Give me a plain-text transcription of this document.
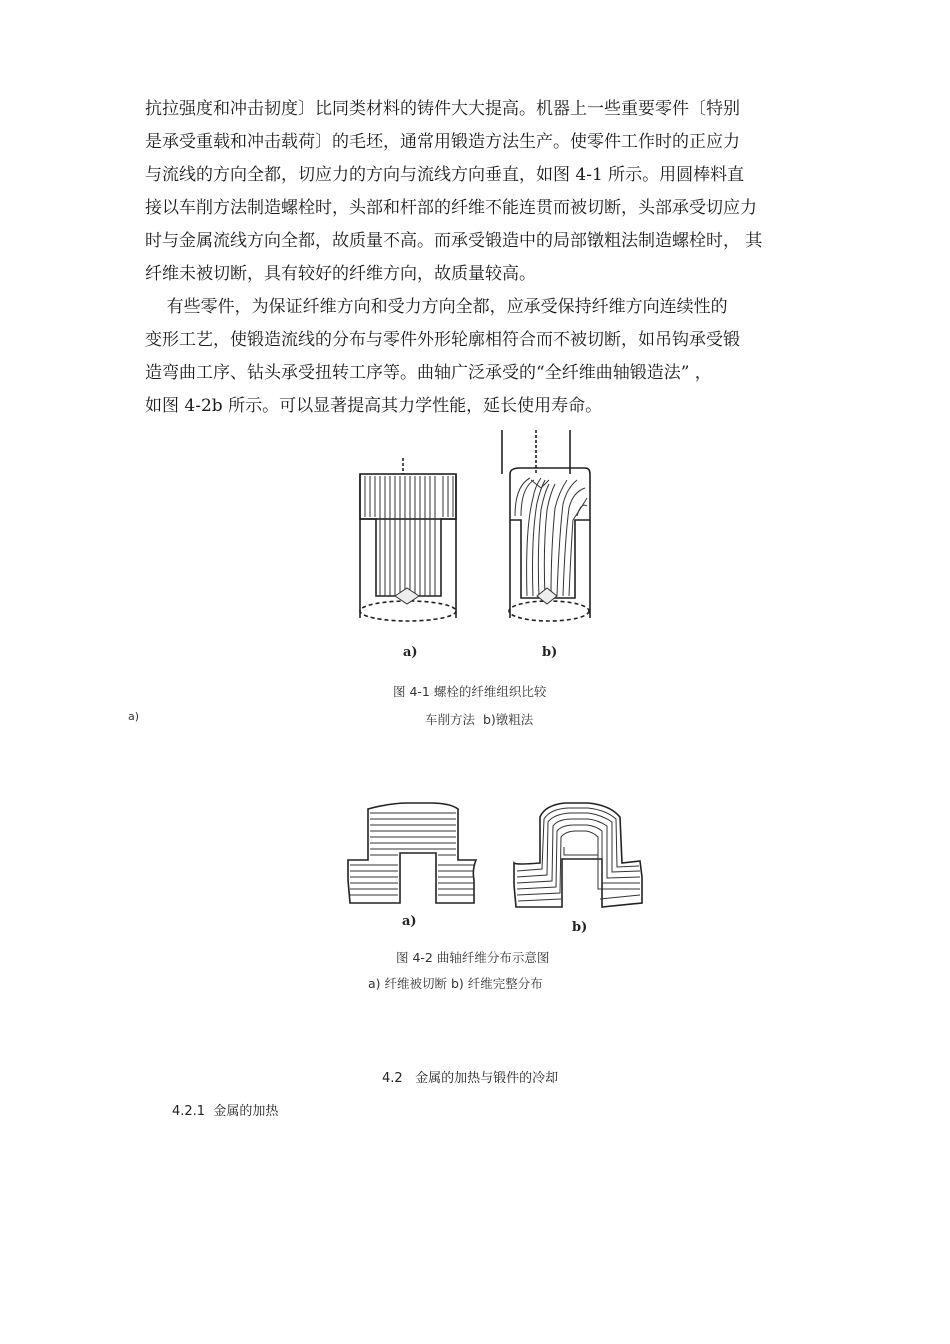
抗拉强度和冲击韧度〕比同类材料的铸件大大提高。机器上一些重要零件〔特别
是承受重载和冲击载荷〕的毛坯，通常用锻造方法生产。使零件工作时的正应力
与流线的方向全都，切应力的方向与流线方向垂直，如图 4-1 所示。用圆棒料直
接以车削方法制造螺栓时，头部和杆部的纤维不能连贯而被切断，头部承受切应力
时与金属流线方向全都，故质量不高。而承受锻造中的局部镦粗法制造螺栓时， 其
纤维未被切断，具有较好的纤维方向，故质量较高。
有些零件，为保证纤维方向和受力方向全都，应承受保持纤维方向连续性的
变形工艺，使锻造流线的分布与零件外形轮廓相符合而不被切断，如吊钩承受锻
造弯曲工序、钻头承受扭转工序等。曲轴广泛承受的“全纤维曲轴锻造法” ，
如图 4-2b 所示。可以显著提高其力学性能，延长使用寿命。
a)	b)
图 4-1 螺栓的纤维组织比较
a)	车削方法  b)镦粗法
a)	b)
图 4-2 曲轴纤维分布示意图
a) 纤维被切断 b) 纤维完整分布
4.2   金属的加热与锻件的冷却
4.2.1  金属的加热
